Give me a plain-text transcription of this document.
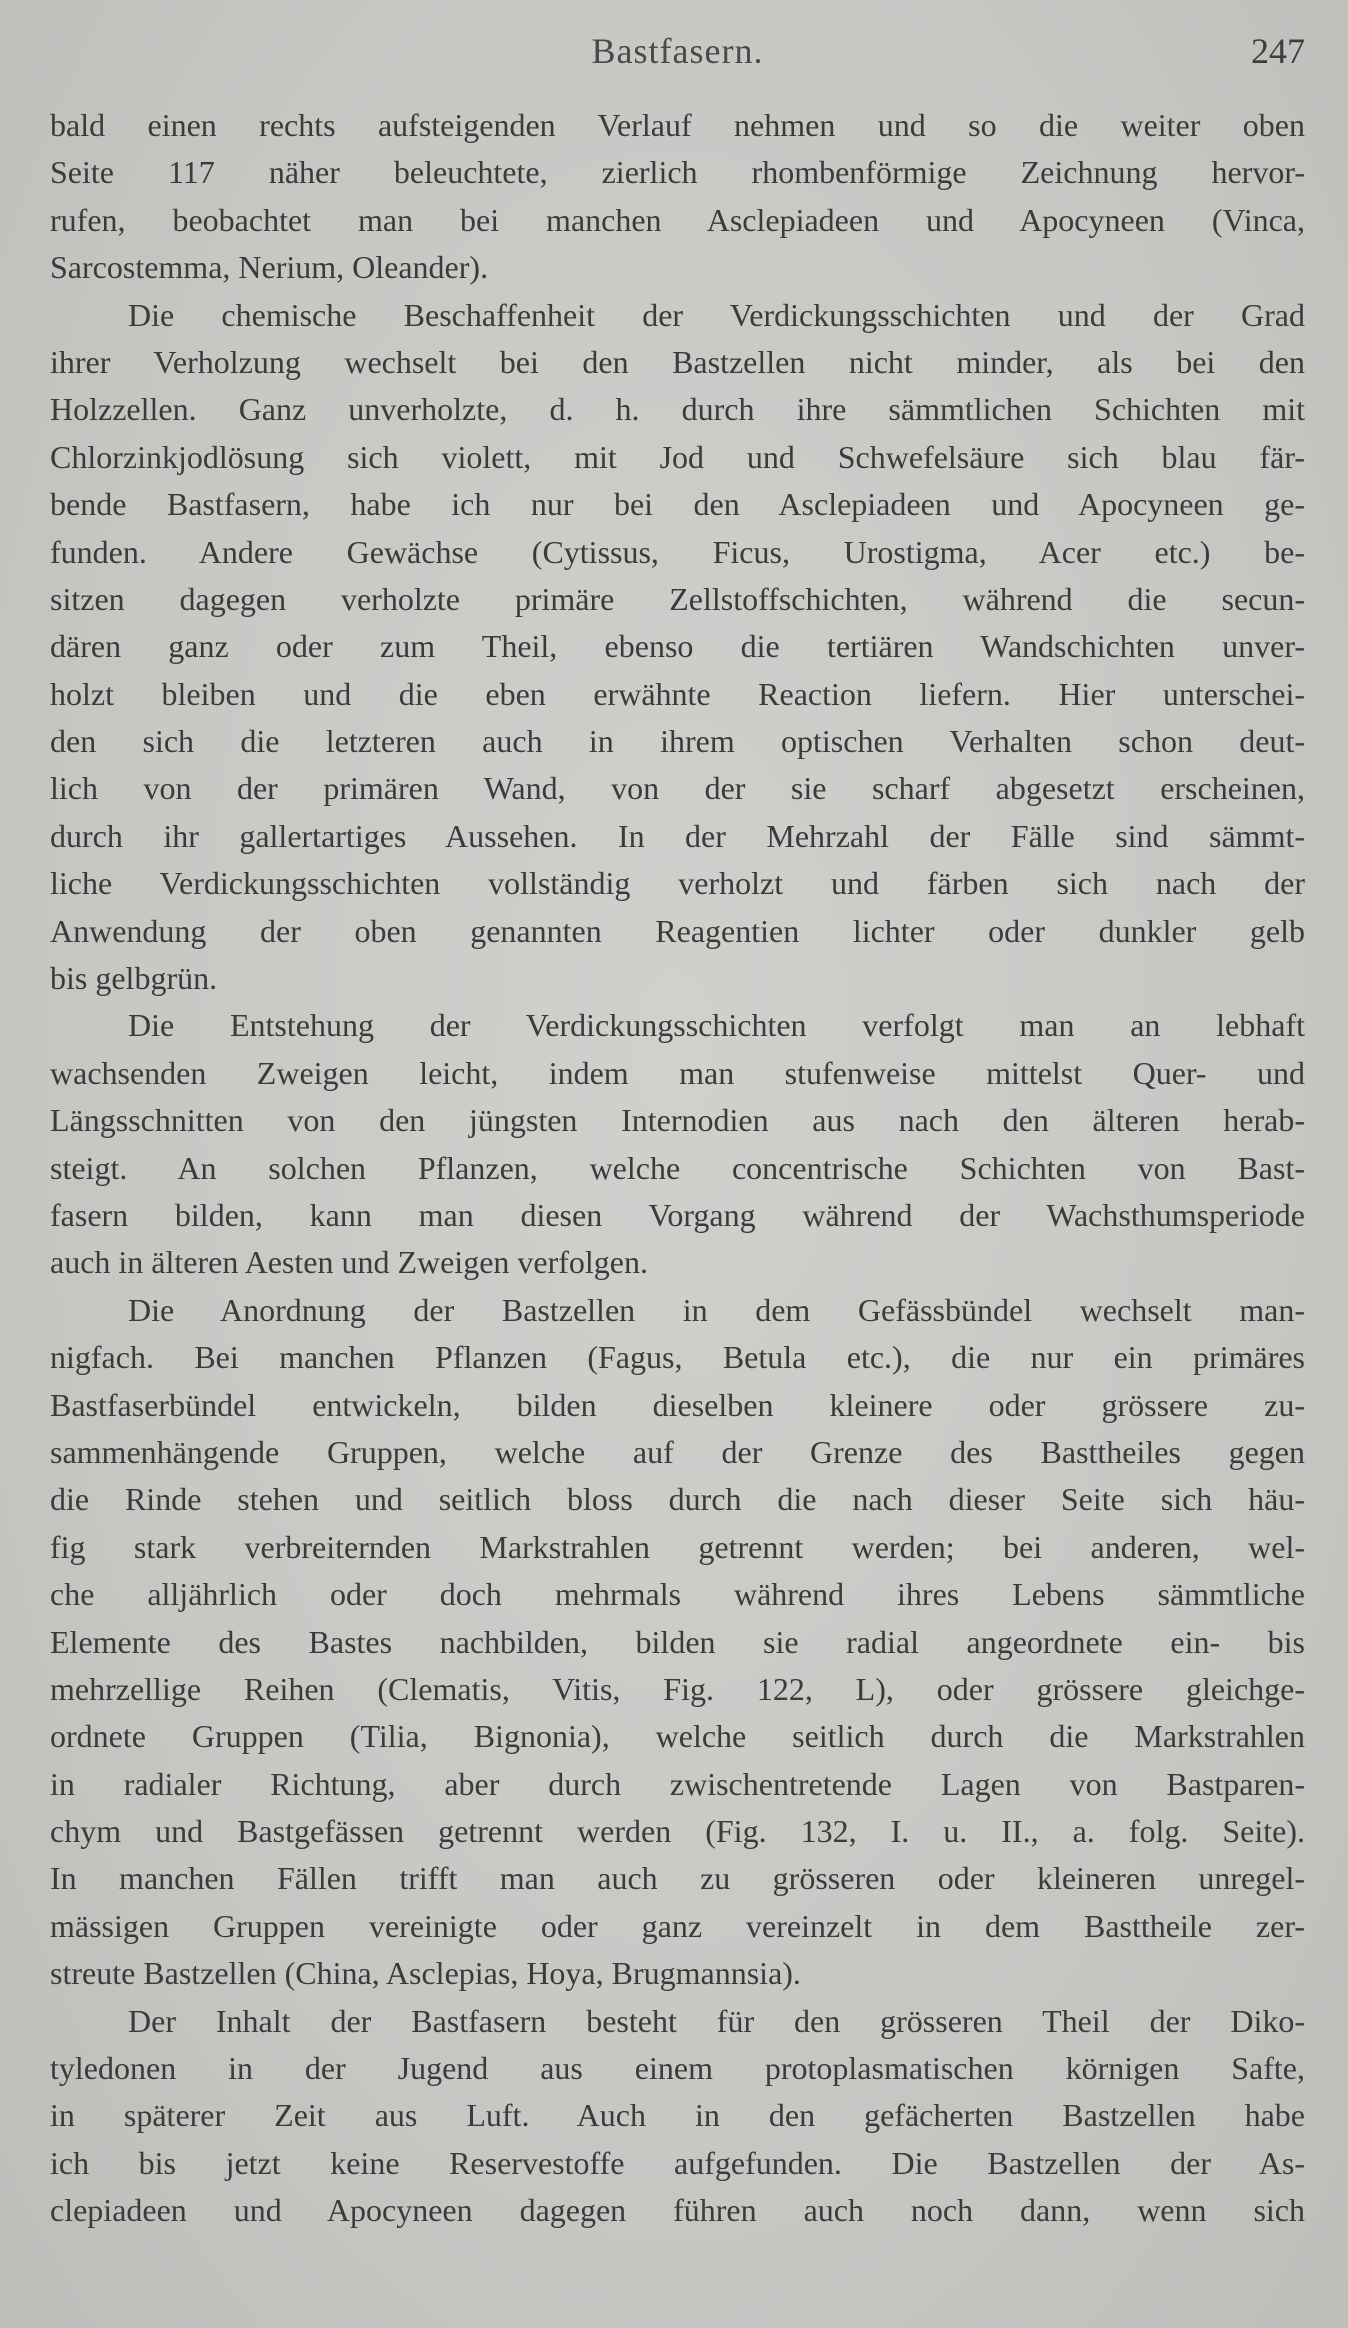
Bastfasern.	247
bald einen rechts aufsteigenden Verlauf nehmen und so die weiter oben
Seite 117 näher beleuchtete, zierlich rhombenförmige Zeichnung hervor-
rufen, beobachtet man bei manchen Asclepiadeen und Apocyneen (Vinca,
Sarcostemma, Nerium, Oleander).
Die chemische Beschaffenheit der Verdickungsschichten und der Grad
ihrer Verholzung wechselt bei den Bastzellen nicht minder, als bei den
Holzzellen. Ganz unverholzte, d. h. durch ihre sämmtlichen Schichten mit
Chlorzinkjodlösung sich violett, mit Jod und Schwefelsäure sich blau fär-
bende Bastfasern, habe ich nur bei den Asclepiadeen und Apocyneen ge-
funden. Andere Gewächse (Cytissus, Ficus, Urostigma, Acer etc.) be-
sitzen dagegen verholzte primäre Zellstoffschichten, während die secun-
dären ganz oder zum Theil, ebenso die tertiären Wandschichten unver-
holzt bleiben und die eben erwähnte Reaction liefern. Hier unterschei-
den sich die letzteren auch in ihrem optischen Verhalten schon deut-
lich von der primären Wand, von der sie scharf abgesetzt erscheinen,
durch ihr gallertartiges Aussehen. In der Mehrzahl der Fälle sind sämmt-
liche Verdickungsschichten vollständig verholzt und färben sich nach der
Anwendung der oben genannten Reagentien lichter oder dunkler gelb
bis gelbgrün.
Die Entstehung der Verdickungsschichten verfolgt man an lebhaft
wachsenden Zweigen leicht, indem man stufenweise mittelst Quer- und
Längsschnitten von den jüngsten Internodien aus nach den älteren herab-
steigt. An solchen Pflanzen, welche concentrische Schichten von Bast-
fasern bilden, kann man diesen Vorgang während der Wachsthumsperiode
auch in älteren Aesten und Zweigen verfolgen.
Die Anordnung der Bastzellen in dem Gefässbündel wechselt man-
nigfach. Bei manchen Pflanzen (Fagus, Betula etc.), die nur ein primäres
Bastfaserbündel entwickeln, bilden dieselben kleinere oder grössere zu-
sammenhängende Gruppen, welche auf der Grenze des Basttheiles gegen
die Rinde stehen und seitlich bloss durch die nach dieser Seite sich häu-
fig stark verbreiternden Markstrahlen getrennt werden; bei anderen, wel-
che alljährlich oder doch mehrmals während ihres Lebens sämmtliche
Elemente des Bastes nachbilden, bilden sie radial angeordnete ein- bis
mehrzellige Reihen (Clematis, Vitis, Fig. 122, L), oder grössere gleichge-
ordnete Gruppen (Tilia, Bignonia), welche seitlich durch die Markstrahlen
in radialer Richtung, aber durch zwischentretende Lagen von Bastparen-
chym und Bastgefässen getrennt werden (Fig. 132, I. u. II., a. folg. Seite).
In manchen Fällen trifft man auch zu grösseren oder kleineren unregel-
mässigen Gruppen vereinigte oder ganz vereinzelt in dem Basttheile zer-
streute Bastzellen (China, Asclepias, Hoya, Brugmannsia).
Der Inhalt der Bastfasern besteht für den grösseren Theil der Diko-
tyledonen in der Jugend aus einem protoplasmatischen körnigen Safte,
in späterer Zeit aus Luft. Auch in den gefächerten Bastzellen habe
ich bis jetzt keine Reservestoffe aufgefunden. Die Bastzellen der As-
clepiadeen und Apocyneen dagegen führen auch noch dann, wenn sich
